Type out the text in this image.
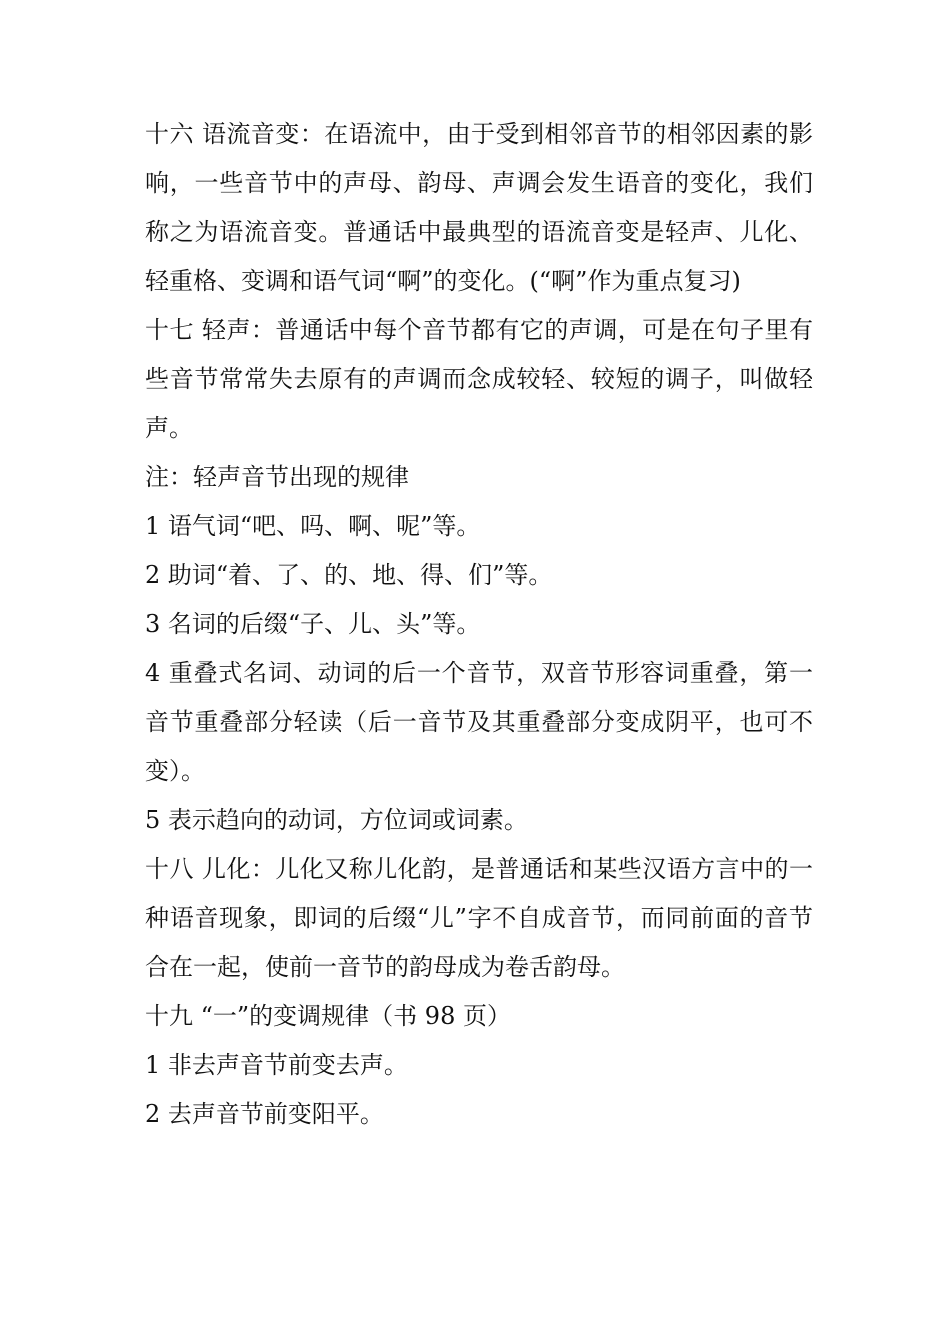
十六 语流音变：在语流中，由于受到相邻音节的相邻因素的影响，一些音节中的声母、韵母、声调会发生语音的变化，我们称之为语流音变。普通话中最典型的语流音变是轻声、儿化、轻重格、变调和语气词“啊”的变化。(“啊”作为重点复习)

十七 轻声：普通话中每个音节都有它的声调，可是在句子里有些音节常常失去原有的声调而念成较轻、较短的调子，叫做轻声。

注：轻声音节出现的规律

1 语气词“吧、吗、啊、呢”等。

2 助词“着、了、的、地、得、们”等。

3 名词的后缀“子、儿、头”等。

4 重叠式名词、动词的后一个音节，双音节形容词重叠，第一音节重叠部分轻读（后一音节及其重叠部分变成阴平，也可不变）。

5 表示趋向的动词，方位词或词素。

十八 儿化：儿化又称儿化韵，是普通话和某些汉语方言中的一种语音现象，即词的后缀“儿”字不自成音节，而同前面的音节合在一起，使前一音节的韵母成为卷舌韵母。

十九 “一”的变调规律（书 98 页）

1 非去声音节前变去声。

2 去声音节前变阳平。
